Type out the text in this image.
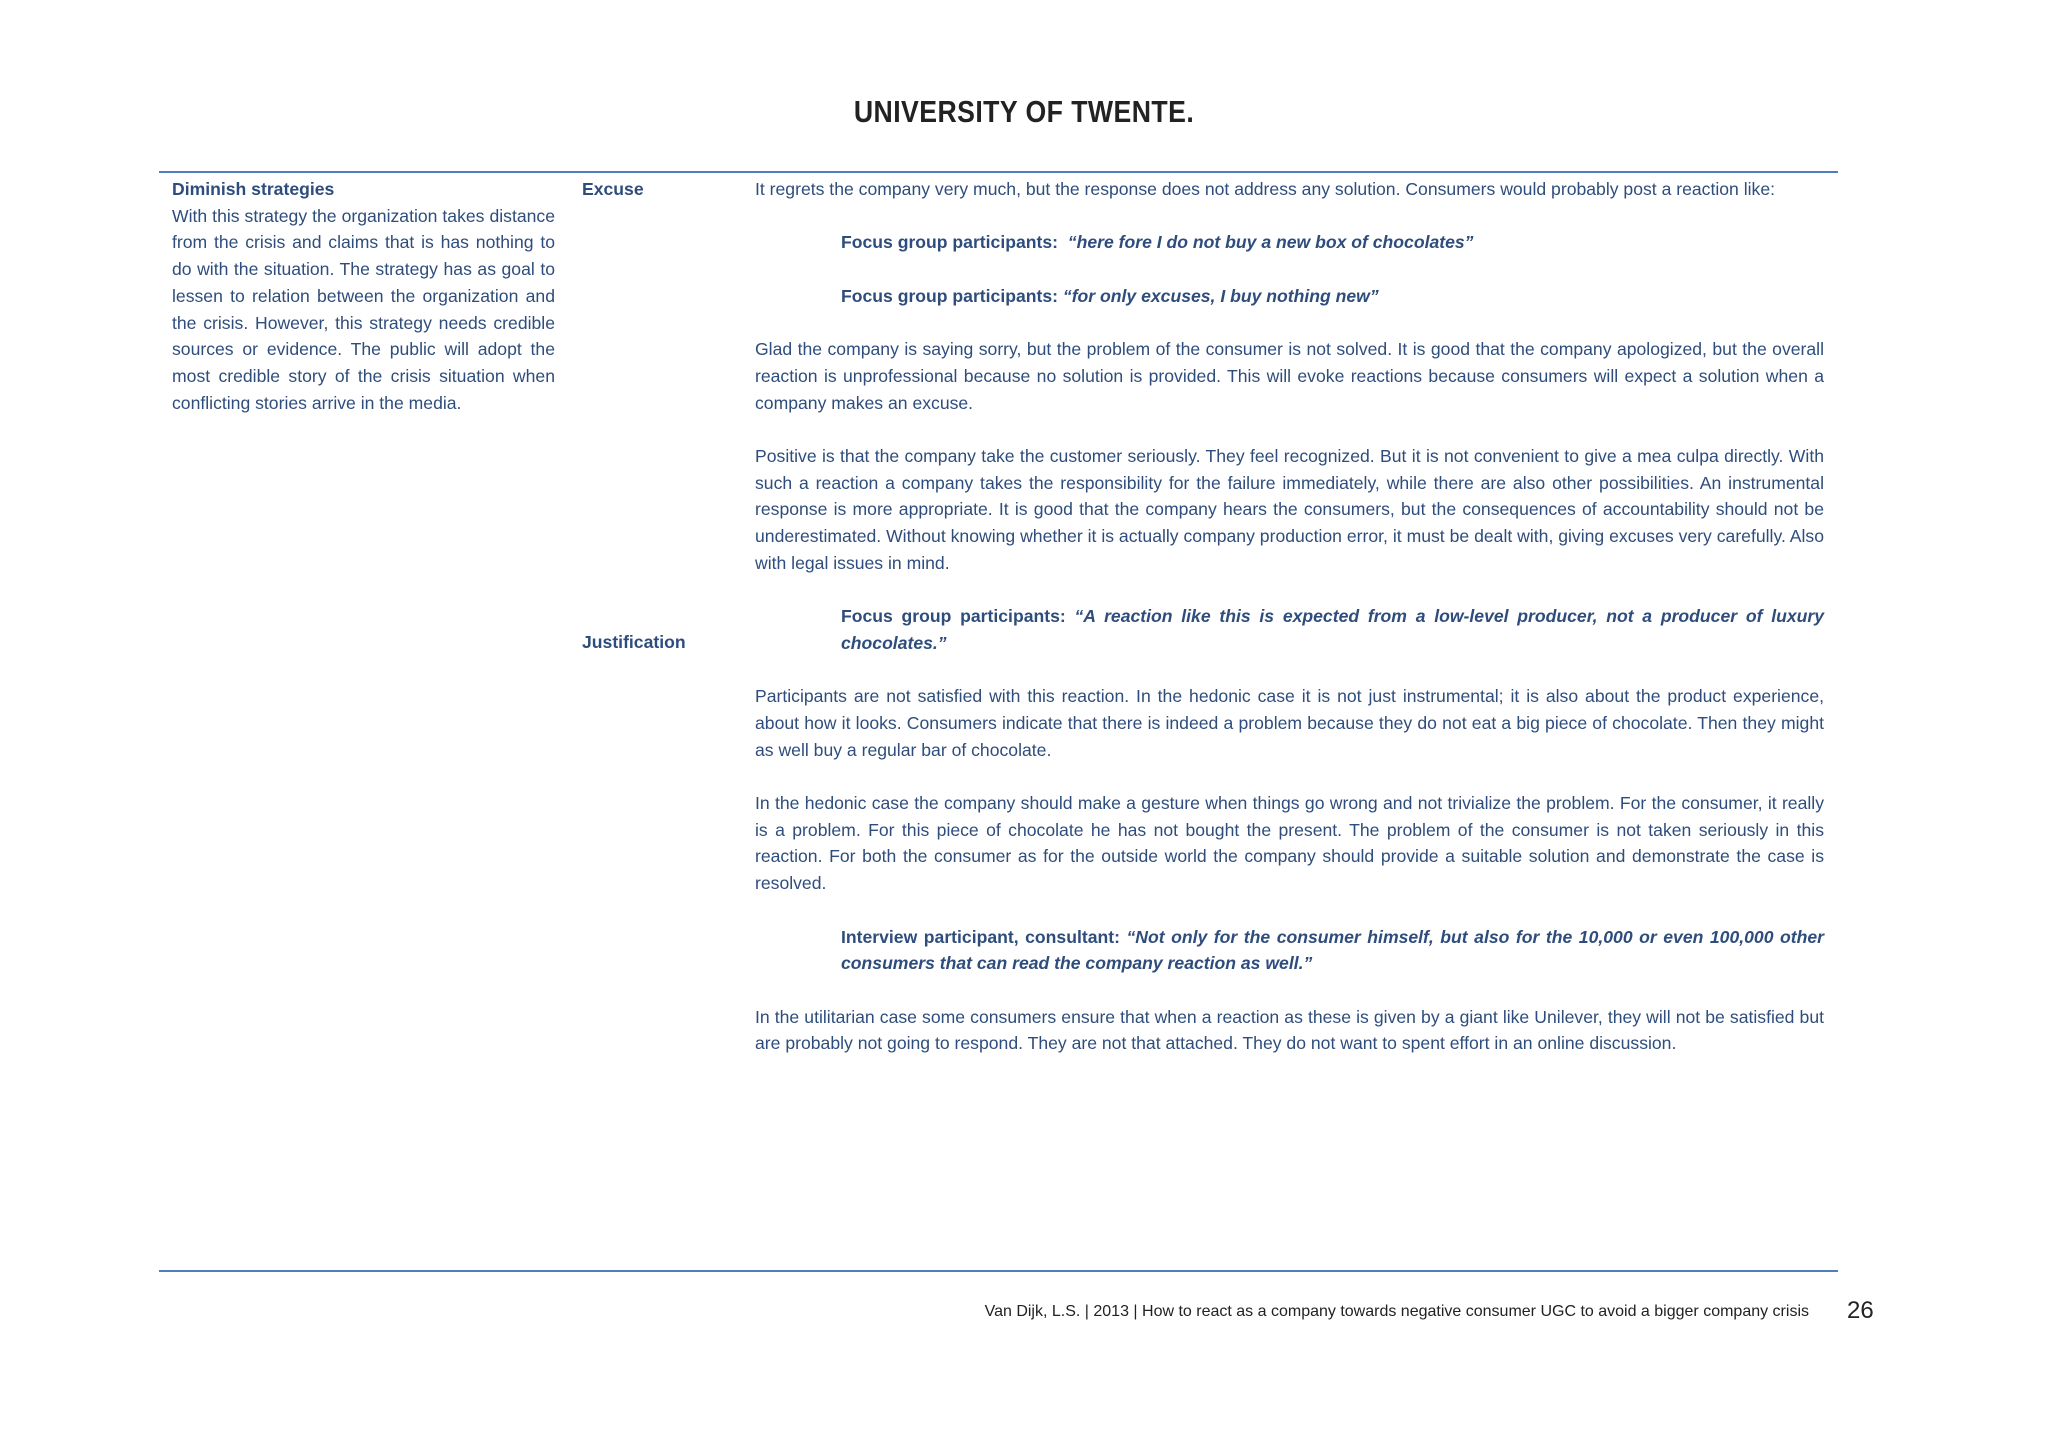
UNIVERSITY OF TWENTE.
Diminish strategies
With this strategy the organization takes distance from the crisis and claims that is has nothing to do with the situation. The strategy has as goal to lessen to relation between the organization and the crisis. However, this strategy needs credible sources or evidence. The public will adopt the most credible story of the crisis situation when conflicting stories arrive in the media.
Excuse
Justification

It regrets the company very much, but the response does not address any solution. Consumers would probably post a reaction like:

Focus group participants: “here fore I do not buy a new box of chocolates”

Focus group participants: “for only excuses, I buy nothing new”

Glad the company is saying sorry, but the problem of the consumer is not solved. It is good that the company apologized, but the overall reaction is unprofessional because no solution is provided. This will evoke reactions because consumers will expect a solution when a company makes an excuse.

Positive is that the company take the customer seriously. They feel recognized. But it is not convenient to give a mea culpa directly. With such a reaction a company takes the responsibility for the failure immediately, while there are also other possibilities. An instrumental response is more appropriate. It is good that the company hears the consumers, but the consequences of accountability should not be underestimated. Without knowing whether it is actually company production error, it must be dealt with, giving excuses very carefully. Also with legal issues in mind.

Focus group participants: “A reaction like this is expected from a low-level producer, not a producer of luxury chocolates.”

Participants are not satisfied with this reaction. In the hedonic case it is not just instrumental; it is also about the product experience, about how it looks. Consumers indicate that there is indeed a problem because they do not eat a big piece of chocolate. Then they might as well buy a regular bar of chocolate.

In the hedonic case the company should make a gesture when things go wrong and not trivialize the problem. For the consumer, it really is a problem. For this piece of chocolate he has not bought the present. The problem of the consumer is not taken seriously in this reaction. For both the consumer as for the outside world the company should provide a suitable solution and demonstrate the case is resolved.

Interview participant, consultant: “Not only for the consumer himself, but also for the 10,000 or even 100,000 other consumers that can read the company reaction as well.”

In the utilitarian case some consumers ensure that when a reaction as these is given by a giant like Unilever, they will not be satisfied but are probably not going to respond. They are not that attached. They do not want to spent effort in an online discussion.

Van Dijk, L.S. | 2013 | How to react as a company towards negative consumer UGC to avoid a bigger company crisis 26
